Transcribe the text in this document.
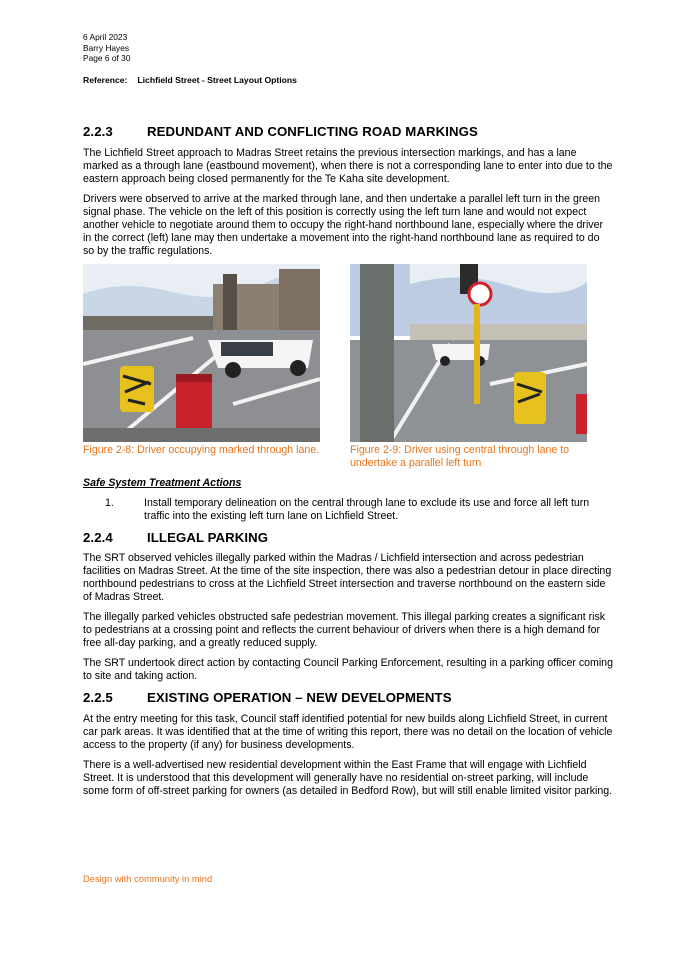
6 April 2023
Barry Hayes
Page 6 of 30
Reference: Lichfield Street - Street Layout Options
2.2.3	REDUNDANT AND CONFLICTING ROAD MARKINGS
The Lichfield Street approach to Madras Street retains the previous intersection markings, and has a lane marked as a through lane (eastbound movement), when there is not a corresponding lane to enter into due to the eastern approach being closed permanently for the Te Kaha site development.
Drivers were observed to arrive at the marked through lane, and then undertake a parallel left turn in the green signal phase. The vehicle on the left of this position is correctly using the left turn lane and would not expect another vehicle to negotiate around them to occupy the right-hand northbound lane, especially where the driver in the correct (left) lane may then undertake a movement into the right-hand northbound lane as required to do so by the traffic regulations.
Figure 2-8: Driver occupying marked through lane.	Figure 2-9: Driver using central through lane to undertake a parallel left turn
Safe System Treatment Actions
1.	Install temporary delineation on the central through lane to exclude its use and force all left turn traffic into the existing left turn lane on Lichfield Street.
2.2.4	ILLEGAL PARKING
The SRT observed vehicles illegally parked within the Madras / Lichfield intersection and across pedestrian facilities on Madras Street. At the time of the site inspection, there was also a pedestrian detour in place directing northbound pedestrians to cross at the Lichfield Street intersection and traverse northbound on the eastern side of Madras Street.
The illegally parked vehicles obstructed safe pedestrian movement. This illegal parking creates a significant risk to pedestrians at a crossing point and reflects the current behaviour of drivers when there is a high demand for free all-day parking, and a greatly reduced supply.
The SRT undertook direct action by contacting Council Parking Enforcement, resulting in a parking officer coming to site and taking action.
2.2.5	EXISTING OPERATION – NEW DEVELOPMENTS
At the entry meeting for this task, Council staff identified potential for new builds along Lichfield Street, in current car park areas. It was identified that at the time of writing this report, there was no detail on the location of vehicle access to the property (if any) for business developments.
There is a well-advertised new residential development within the East Frame that will engage with Lichfield Street. It is understood that this development will generally have no residential on-street parking, will include some form of off-street parking for owners (as detailed in Bedford Row), but will still enable limited visitor parking.
Design with community in mind
